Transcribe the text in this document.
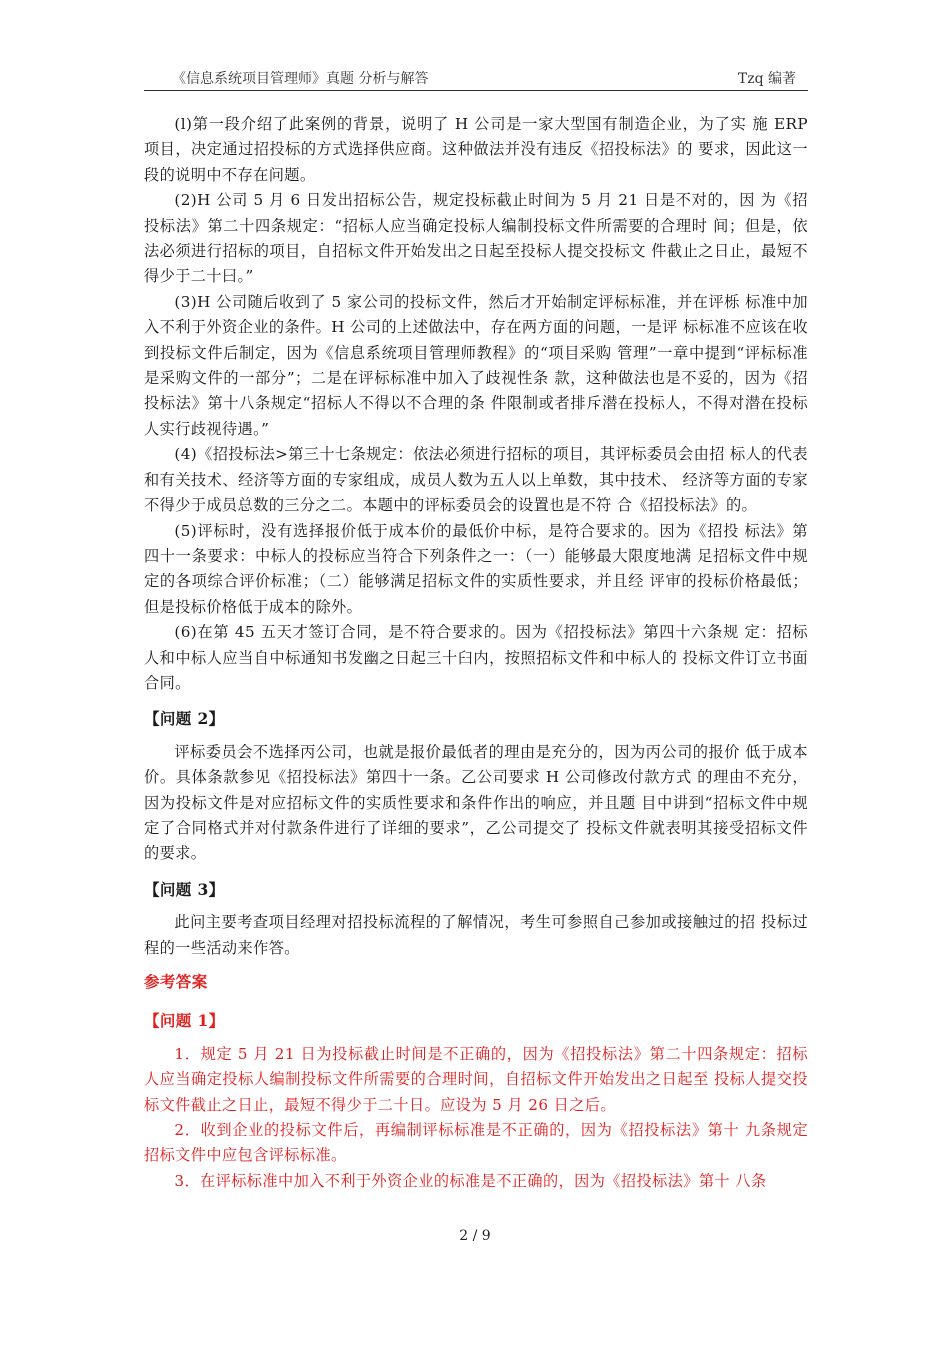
《信息系统项目管理师》真题 分析与解答	Tzq 编著

(l)第一段介绍了此案例的背景，说明了 H 公司是一家大型国有制造企业，为了实 施 ERP 项目，决定通过招投标的方式选择供应商。这种做法并没有违反《招投标法》的 要求，因此这一段的说明中不存在问题。

(2)H 公司 5 月 6 日发出招标公告，规定投标截止时间为 5 月 21 日是不对的，因 为《招投标法》第二十四条规定：“招标人应当确定投标人编制投标文件所需要的合理时 间；但是，依法必须进行招标的项目，自招标文件开始发出之日起至投标人提交投标文 件截止之日止，最短不得少于二十曰。”

(3)H 公司随后收到了 5 家公司的投标文件，然后才开始制定评标标准，并在评栎 标准中加入不利于外资企业的条件。H 公司的上述做法中，存在两方面的问题，一是评 标标准不应该在收到投标文件后制定，因为《信息系统项目管理师教程》的“项目采购 管理”一章中提到“评标标准是采购文件的一部分”；二是在评标标准中加入了歧视性条 款，这种做法也是不妥的，因为《招投标法》第十八条规定“招标人不得以不合理的条 件限制或者排斥潜在投标人，不得对潜在投标人实行歧视待遇。”

(4)《招投标法>第三十七条规定：依法必须进行招标的项目，其评标委员会由招 标人的代表和有关技术、经济等方面的专家组成，成员人数为五人以上单数，其中技术、 经济等方面的专家不得少于成员总数的三分之二。本题中的评标委员会的设置也是不符 合《招投标法》的。

(5)评标时，没有选择报价低于成本价的最低价中标，是符合要求的。因为《招投 标法》第四十一条要求：中标人的投标应当符合下列条件之一：（一）能够最大限度地满 足招标文件中规定的各项综合评价标准；（二）能够满足招标文件的实质性要求，并且经 评审的投标价格最低；但是投标价格低于成本的除外。

(6)在第 45 五天才签订合同，是不符合要求的。因为《招投标法》第四十六条规 定：招标人和中标人应当自中标通知书发幽之日起三十臼内，按照招标文件和中标人的 投标文件订立书面合同。

【问题 2】

评标委员会不选择丙公司，也就是报价最低者的理由是充分的，因为丙公司的报价 低于成本价。具体条款参见《招投标法》第四十一条。乙公司要求 H 公司修改付款方式 的理由不充分，因为投标文件是对应招标文件的实质性要求和条件作出的响应，并且题 目中讲到“招标文件中规定了合同格式并对付款条件进行了详细的要求”，乙公司提交了 投标文件就表明其接受招标文件的要求。

【问题 3】

此问主要考查项目经理对招投标流程的了解情况，考生可参照自己参加或接触过的招 投标过程的一些活动来作答。

参考答案

【问题 1】

1．规定 5 月 21 日为投标截止时间是不正确的，因为《招投标法》第二十四条规定：招标人应当确定投标人编制投标文件所需要的合理时间，自招标文件开始发出之日起至 投标人提交投标文件截止之日止，最短不得少于二十日。应设为 5 月 26 日之后。

2．收到企业的投标文件后，再编制评标标准是不正确的，因为《招投标法》第十 九条规定招标文件中应包含评标标准。

3．在评标标准中加入不利于外资企业的标准是不正确的，因为《招投标法》第十 八条

2 / 9
